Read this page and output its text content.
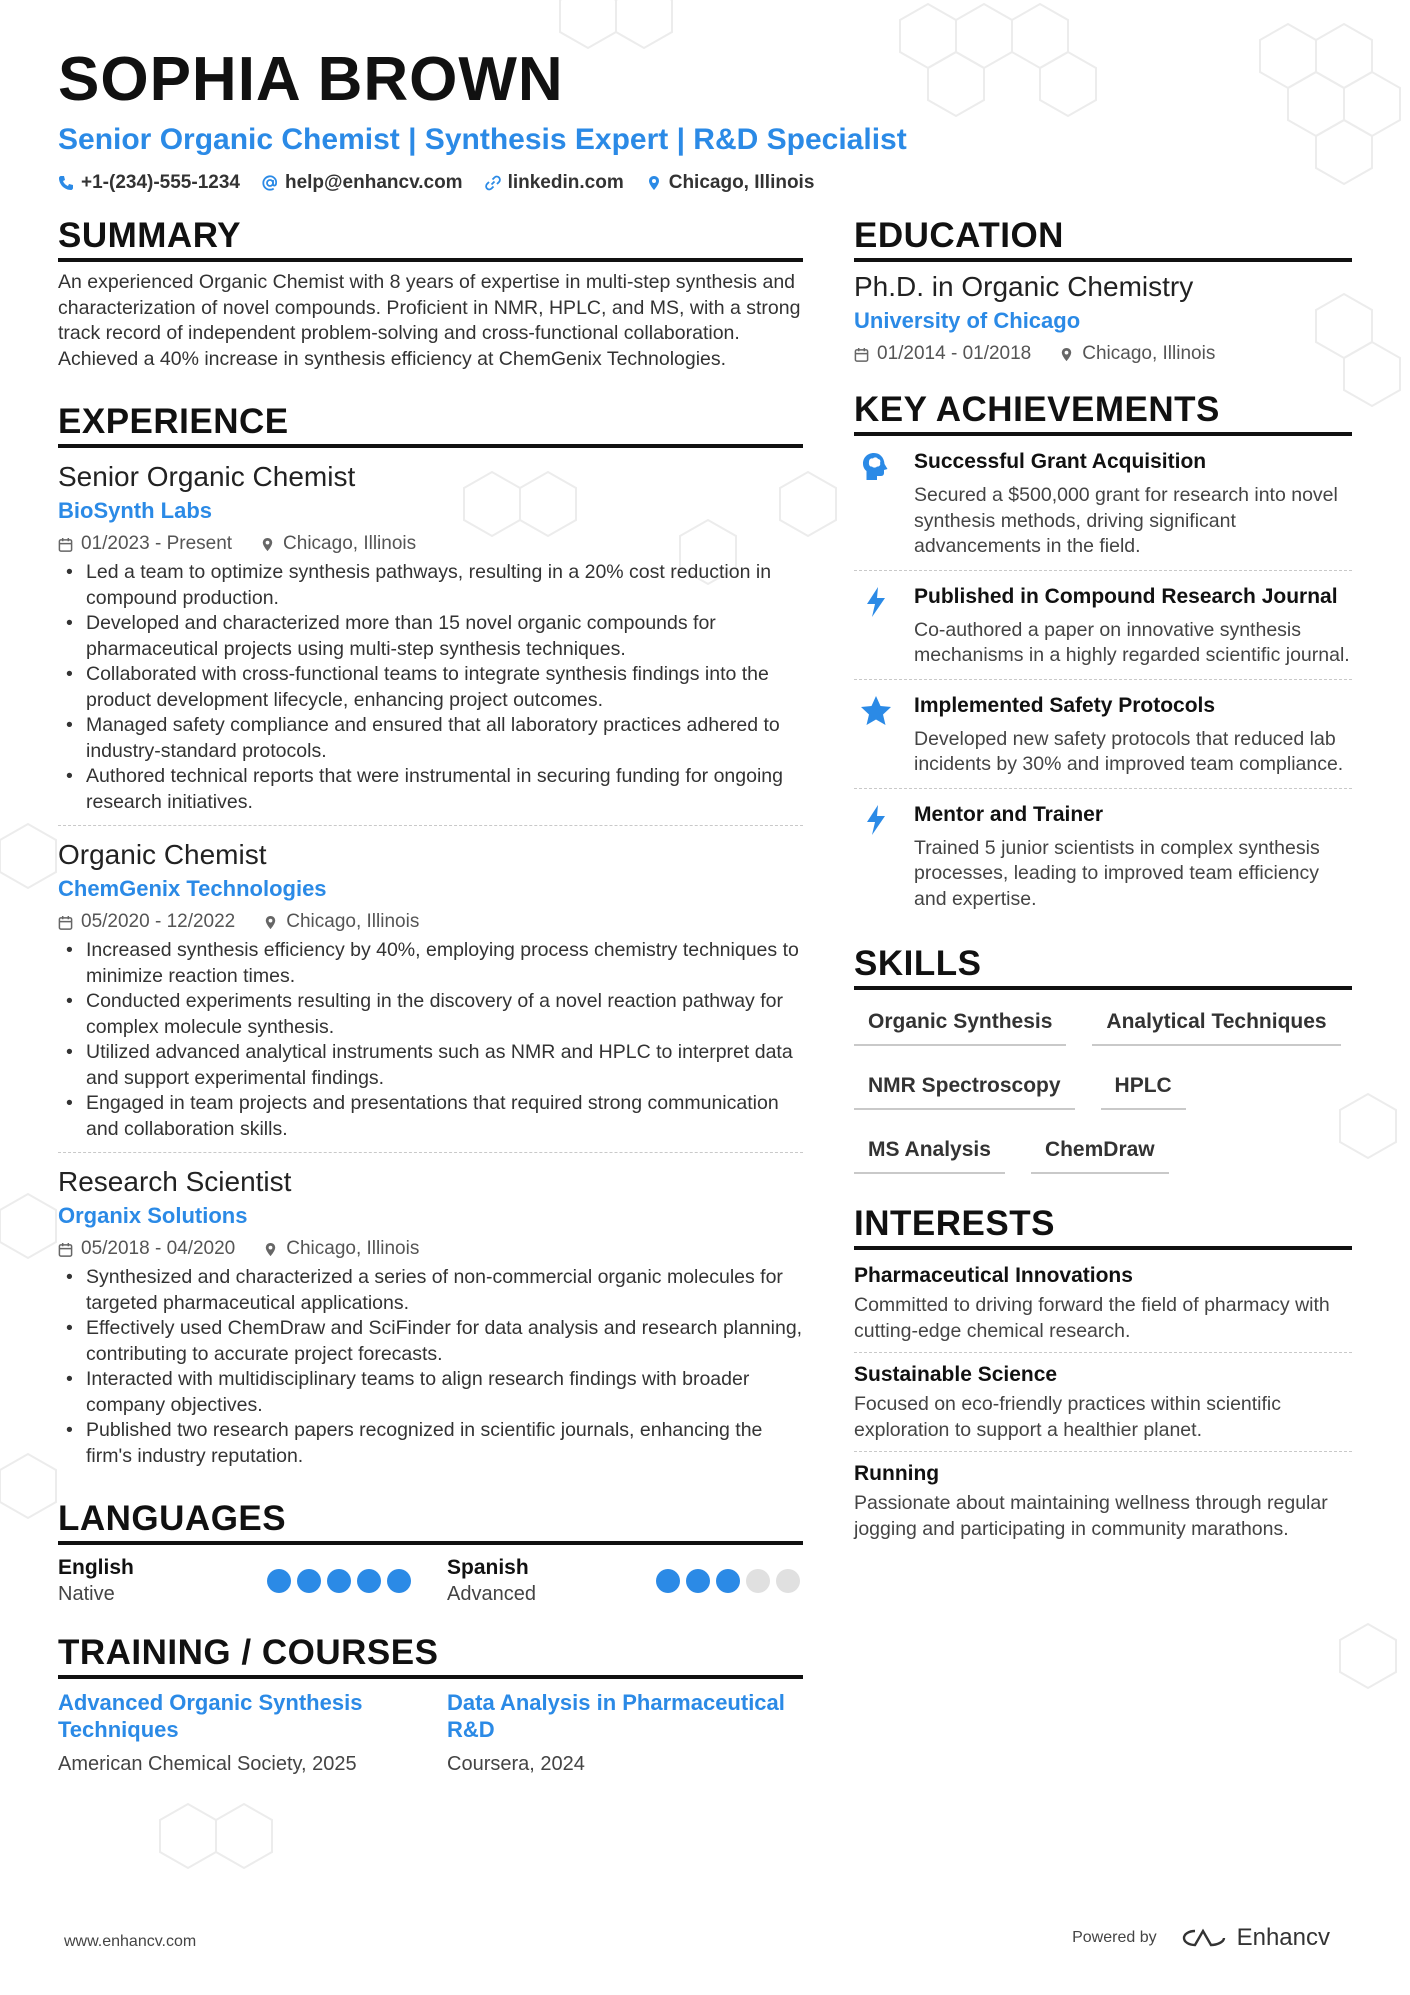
SOPHIA BROWN
Senior Organic Chemist | Synthesis Expert | R&D Specialist
+1-(234)-555-1234 help@enhancv.com linkedin.com Chicago, Illinois
SUMMARY
An experienced Organic Chemist with 8 years of expertise in multi-step synthesis and characterization of novel compounds. Proficient in NMR, HPLC, and MS, with a strong track record of independent problem-solving and cross-functional collaboration. Achieved a 40% increase in synthesis efficiency at ChemGenix Technologies.
EXPERIENCE
Senior Organic Chemist
BioSynth Labs
01/2023 - Present	Chicago, Illinois
• Led a team to optimize synthesis pathways, resulting in a 20% cost reduction in compound production.
• Developed and characterized more than 15 novel organic compounds for pharmaceutical projects using multi-step synthesis techniques.
• Collaborated with cross-functional teams to integrate synthesis findings into the product development lifecycle, enhancing project outcomes.
• Managed safety compliance and ensured that all laboratory practices adhered to industry-standard protocols.
• Authored technical reports that were instrumental in securing funding for ongoing research initiatives.
Organic Chemist
ChemGenix Technologies
05/2020 - 12/2022	Chicago, Illinois
• Increased synthesis efficiency by 40%, employing process chemistry techniques to minimize reaction times.
• Conducted experiments resulting in the discovery of a novel reaction pathway for complex molecule synthesis.
• Utilized advanced analytical instruments such as NMR and HPLC to interpret data and support experimental findings.
• Engaged in team projects and presentations that required strong communication and collaboration skills.
Research Scientist
Organix Solutions
05/2018 - 04/2020	Chicago, Illinois
• Synthesized and characterized a series of non-commercial organic molecules for targeted pharmaceutical applications.
• Effectively used ChemDraw and SciFinder for data analysis and research planning, contributing to accurate project forecasts.
• Interacted with multidisciplinary teams to align research findings with broader company objectives.
• Published two research papers recognized in scientific journals, enhancing the firm's industry reputation.
LANGUAGES
English
Native
Spanish
Advanced
TRAINING / COURSES
Advanced Organic Synthesis Techniques
American Chemical Society, 2025
Data Analysis in Pharmaceutical R&D
Coursera, 2024
EDUCATION
Ph.D. in Organic Chemistry
University of Chicago
01/2014 - 01/2018	Chicago, Illinois
KEY ACHIEVEMENTS
Successful Grant Acquisition
Secured a $500,000 grant for research into novel synthesis methods, driving significant advancements in the field.
Published in Compound Research Journal
Co-authored a paper on innovative synthesis mechanisms in a highly regarded scientific journal.
Implemented Safety Protocols
Developed new safety protocols that reduced lab incidents by 30% and improved team compliance.
Mentor and Trainer
Trained 5 junior scientists in complex synthesis processes, leading to improved team efficiency and expertise.
SKILLS
Organic Synthesis	Analytical Techniques
NMR Spectroscopy	HPLC
MS Analysis	ChemDraw
INTERESTS
Pharmaceutical Innovations
Committed to driving forward the field of pharmacy with cutting-edge chemical research.
Sustainable Science
Focused on eco-friendly practices within scientific exploration to support a healthier planet.
Running
Passionate about maintaining wellness through regular jogging and participating in community marathons.
www.enhancv.com	Powered by	Enhancv
